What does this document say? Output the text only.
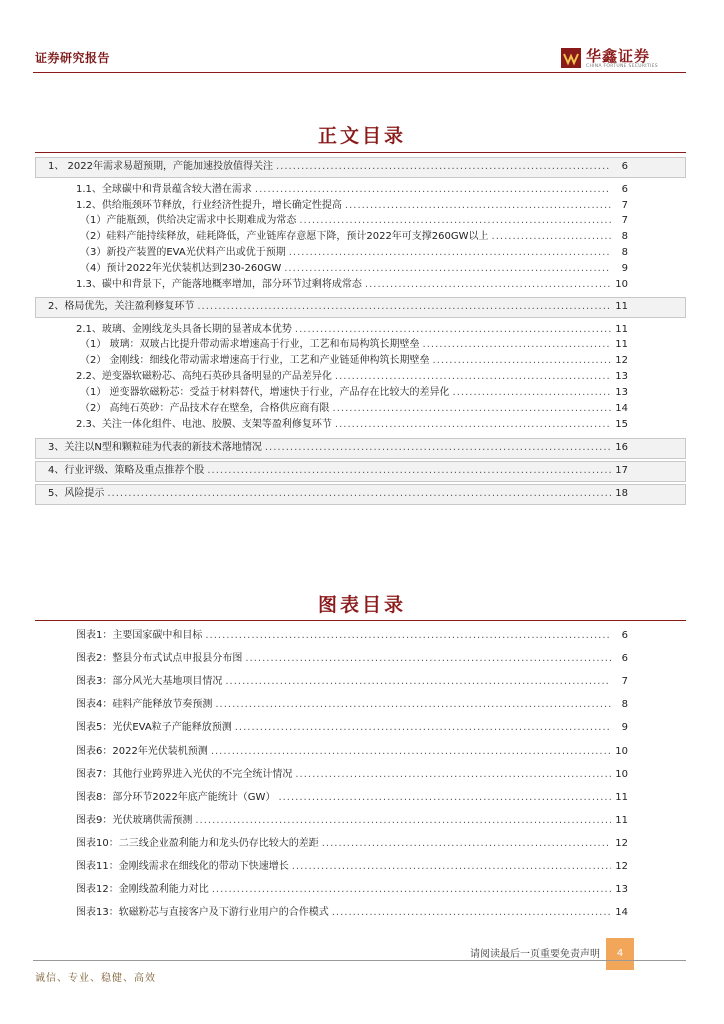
证券研究报告	华鑫证券
CHINA FORTUNE SECURITIES
正文目录
1、 2022年需求易超预期，产能加速投放值得关注 .....	6
1.1、全球碳中和背景蕴含较大潜在需求 .....	6
1.2、供给瓶颈环节释放，行业经济性提升，增长确定性提高 .....	7
（1）产能瓶颈，供给决定需求中长期难成为常态 .....	7
（2）硅料产能持续释放，硅耗降低，产业链库存意愿下降，预计2022年可支撑260GW以上 .....	8
（3）新投产装置的EVA光伏料产出或优于预期 .....	8
（4）预计2022年光伏装机达到230-260GW .....	9
1.3、碳中和背景下，产能落地概率增加，部分环节过剩将成常态 .....	10
2、格局优先，关注盈利修复环节 .....	11
2.1、玻璃、金刚线龙头具备长期的显著成本优势 .....	11
（1） 玻璃：双玻占比提升带动需求增速高于行业，工艺和布局构筑长期壁垒 .....	11
（2） 金刚线：细线化带动需求增速高于行业，工艺和产业链延伸构筑长期壁垒 .....	12
2.2、逆变器软磁粉芯、高纯石英砂具备明显的产品差异化 .....	13
（1） 逆变器软磁粉芯：受益于材料替代，增速快于行业，产品存在比较大的差异化 .....	13
（2） 高纯石英砂：产品技术存在壁垒，合格供应商有限 .....	14
2.3、关注一体化组件、电池、胶膜、支架等盈利修复环节 .....	15
3、关注以N型和颗粒硅为代表的新技术落地情况 .....	16
4、行业评级、策略及重点推荐个股 .....	17
5、风险提示 .....	18
图表目录
图表1：主要国家碳中和目标 .....	6
图表2：整县分布式试点申报县分布图 .....	6
图表3：部分风光大基地项目情况 .....	7
图表4：硅料产能释放节奏预测 .....	8
图表5：光伏EVA粒子产能释放预测 .....	9
图表6：2022年光伏装机预测 .....	10
图表7：其他行业跨界进入光伏的不完全统计情况 .....	10
图表8：部分环节2022年底产能统计（GW） .....	11
图表9：光伏玻璃供需预测 .....	11
图表10：二三线企业盈利能力和龙头仍存比较大的差距 .....	12
图表11：金刚线需求在细线化的带动下快速增长 .....	12
图表12：金刚线盈利能力对比 .....	13
图表13：软磁粉芯与直接客户及下游行业用户的合作模式 .....	14
请阅读最后一页重要免责声明	4
诚信、专业、稳健、高效
